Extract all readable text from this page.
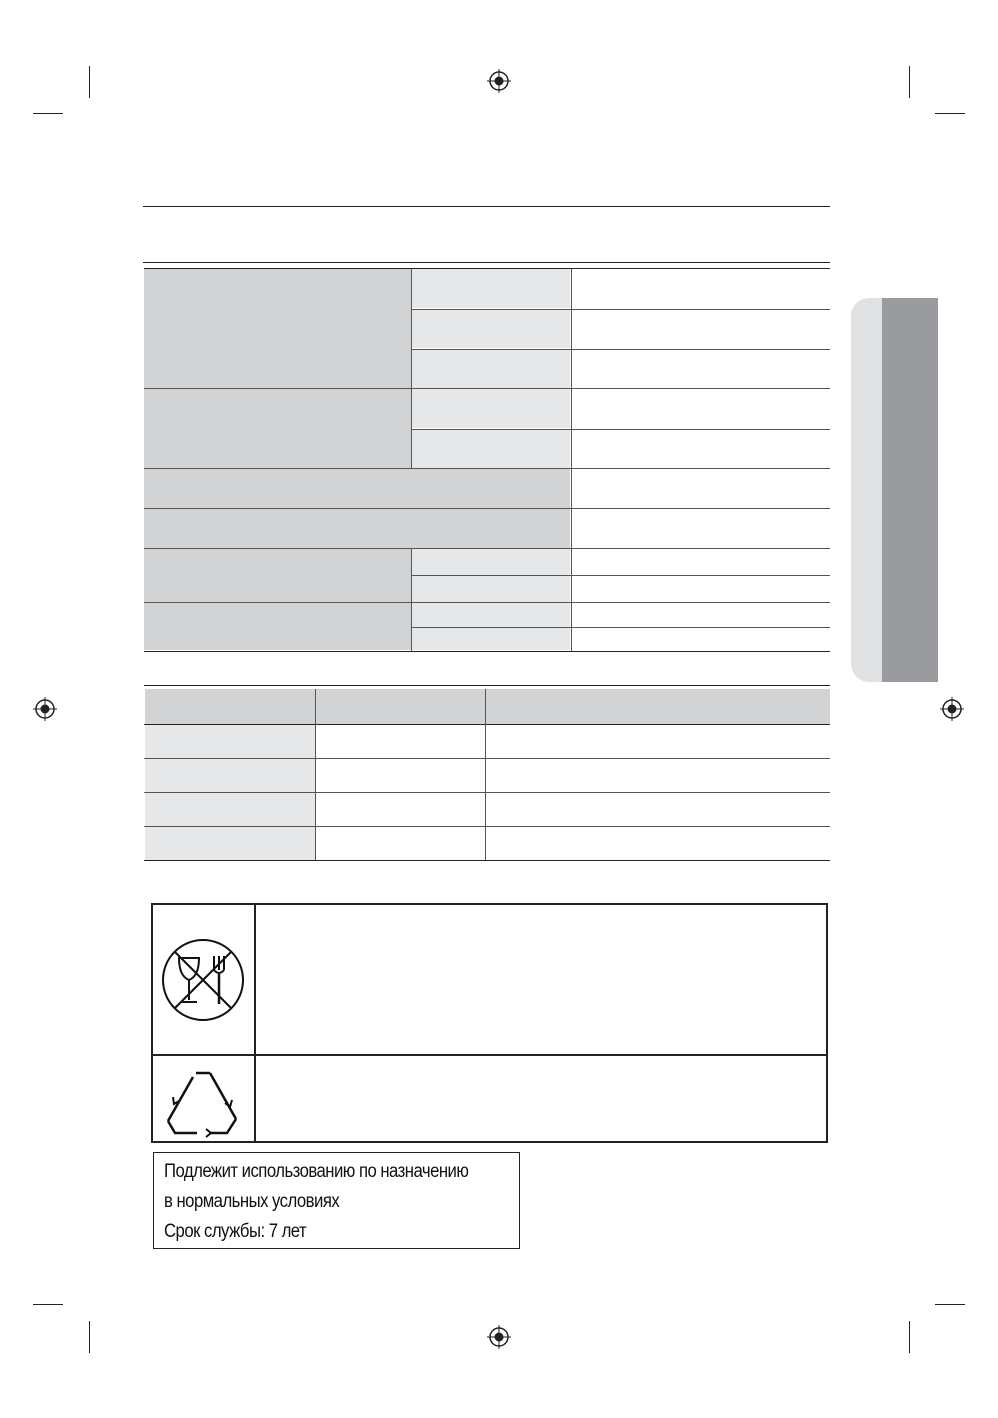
Подлежит использованию по назначению
в нормальных условиях
Срок службы: 7 лет
